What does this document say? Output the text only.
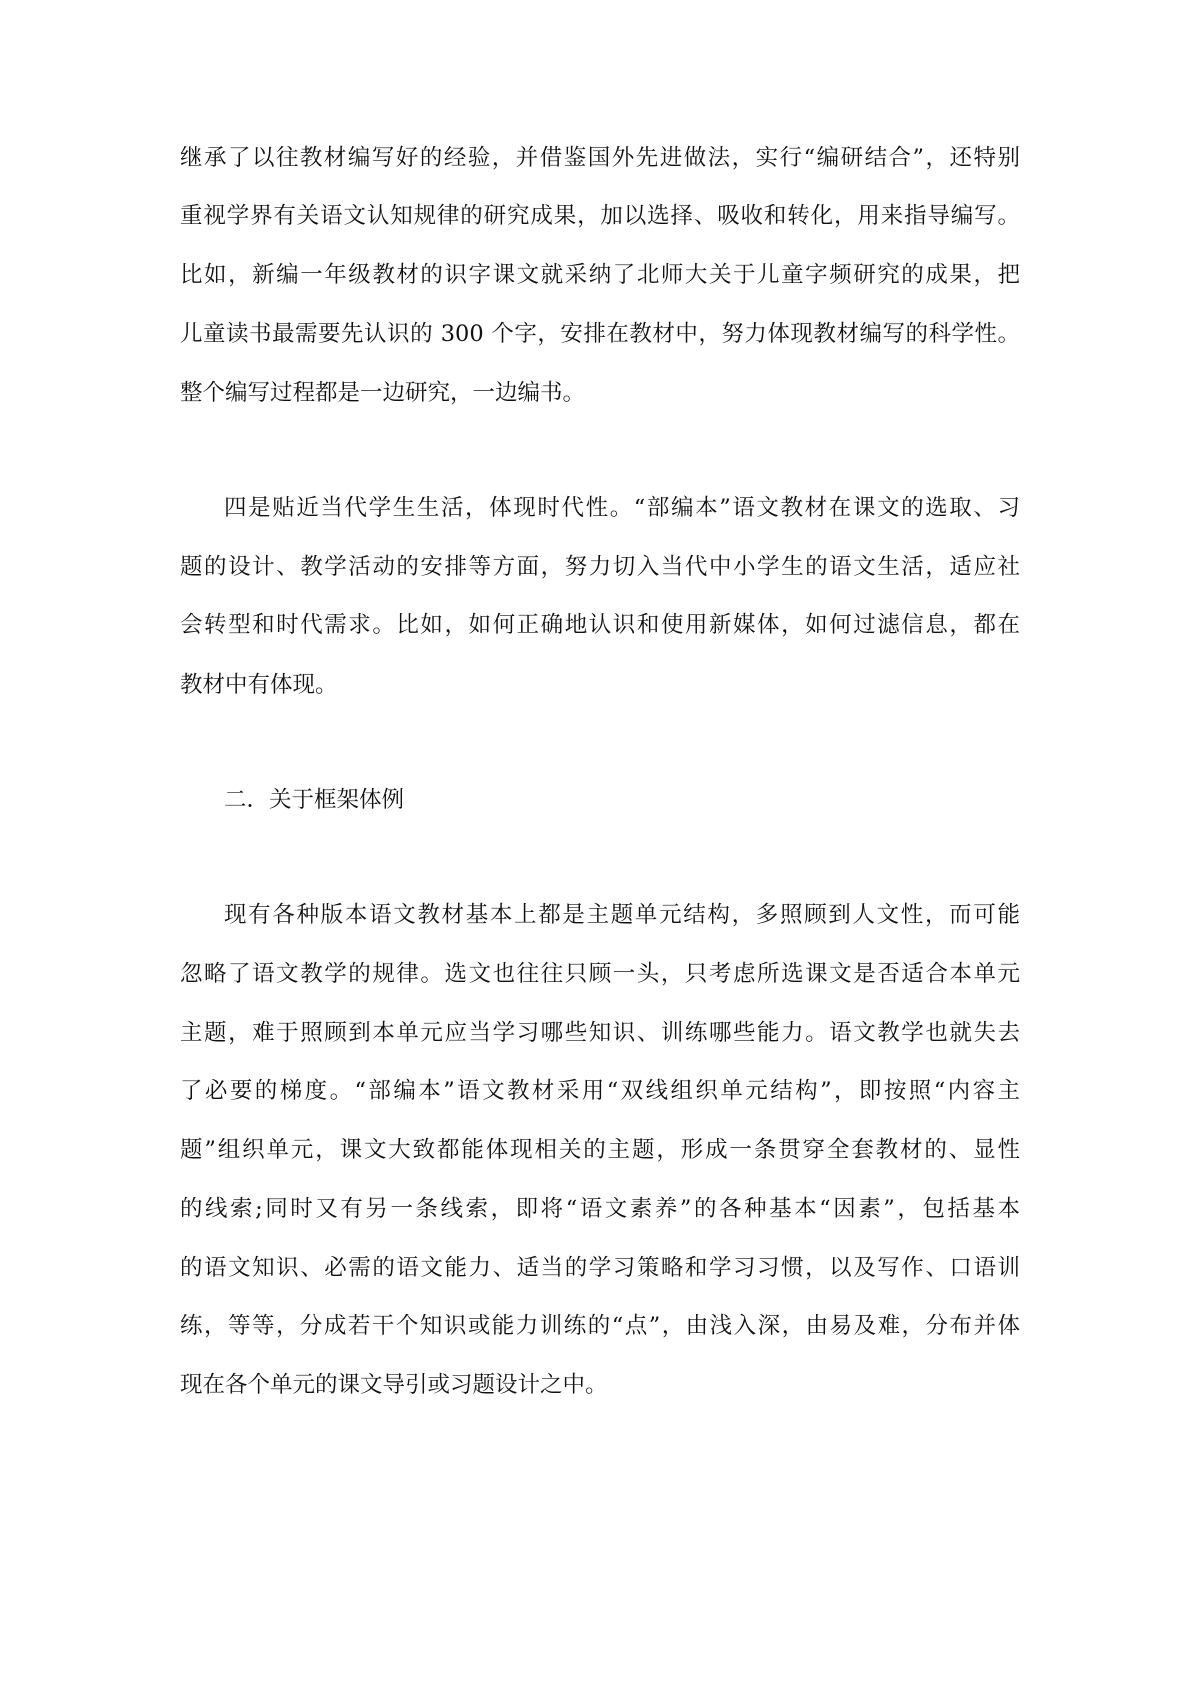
继承了以往教材编写好的经验，并借鉴国外先进做法，实行“编研结合”，还特别
重视学界有关语文认知规律的研究成果，加以选择、吸收和转化，用来指导编写。
比如，新编一年级教材的识字课文就采纳了北师大关于儿童字频研究的成果，把
儿童读书最需要先认识的 300 个字，安排在教材中，努力体现教材编写的科学性。
整个编写过程都是一边研究，一边编书。
四是贴近当代学生生活，体现时代性。“部编本”语文教材在课文的选取、习
题的设计、教学活动的安排等方面，努力切入当代中小学生的语文生活，适应社
会转型和时代需求。比如，如何正确地认识和使用新媒体，如何过滤信息，都在
教材中有体现。
二．关于框架体例
现有各种版本语文教材基本上都是主题单元结构，多照顾到人文性，而可能
忽略了语文教学的规律。选文也往往只顾一头，只考虑所选课文是否适合本单元
主题，难于照顾到本单元应当学习哪些知识、训练哪些能力。语文教学也就失去
了必要的梯度。“部编本”语文教材采用“双线组织单元结构”，即按照“内容主
题”组织单元，课文大致都能体现相关的主题，形成一条贯穿全套教材的、显性
的线索;同时又有另一条线索，即将“语文素养”的各种基本“因素”，包括基本
的语文知识、必需的语文能力、适当的学习策略和学习习惯，以及写作、口语训
练，等等，分成若干个知识或能力训练的“点”，由浅入深，由易及难，分布并体
现在各个单元的课文导引或习题设计之中。
